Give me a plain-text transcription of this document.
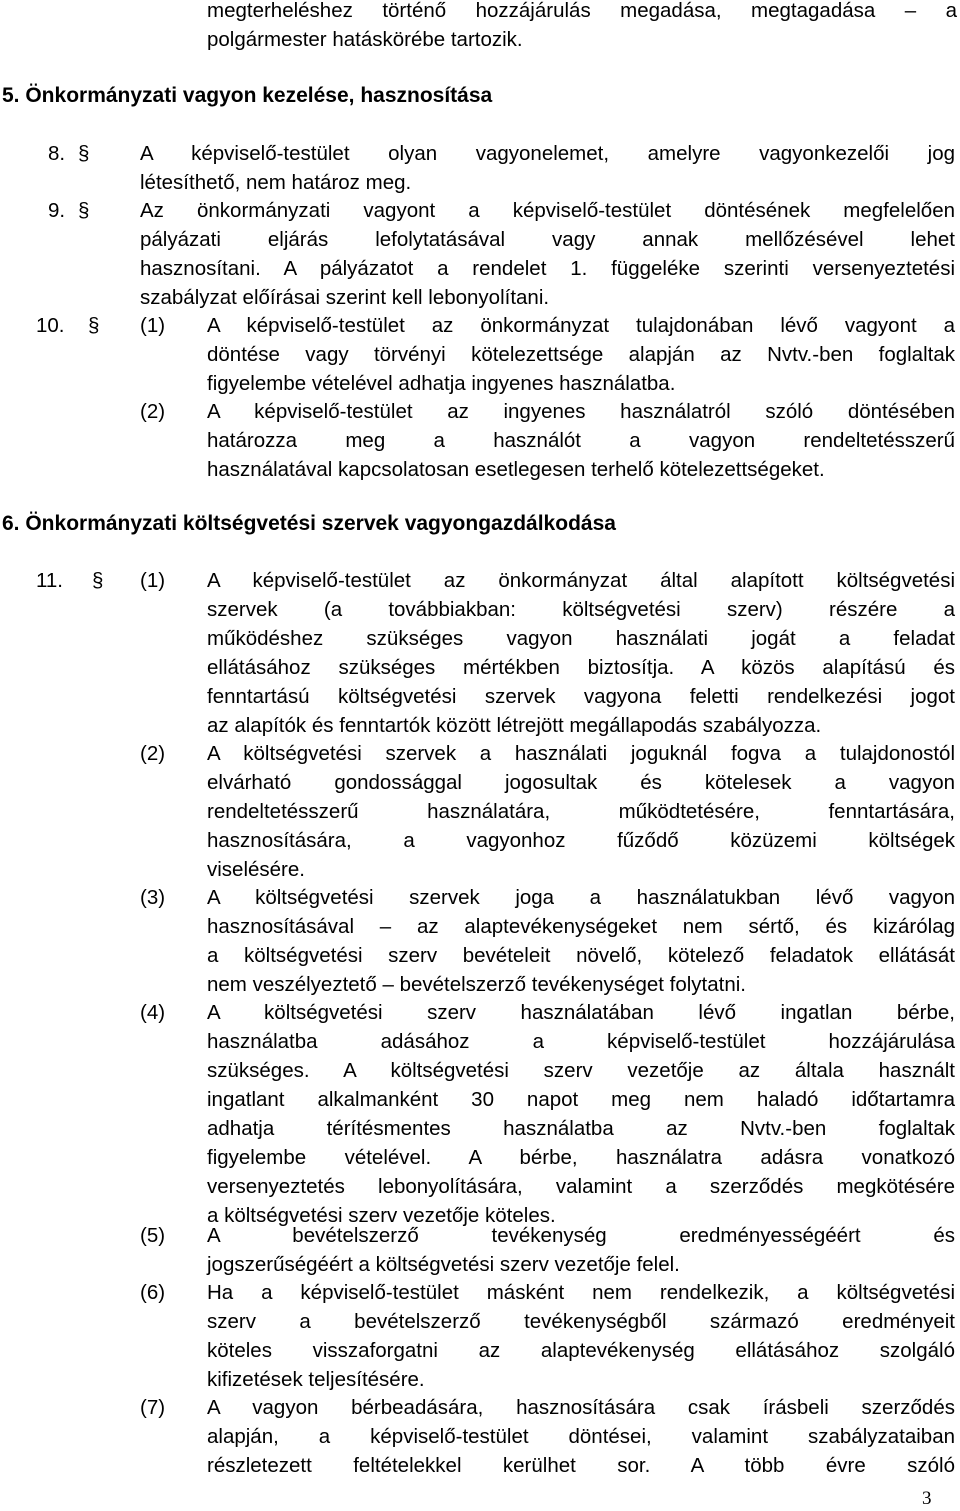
megterheléshez történő hozzájárulás megadása, megtagadása – a
polgármester hatáskörébe tartozik.
5. Önkormányzati vagyon kezelése, hasznosítása
8. § A képviselő-testület olyan vagyonelemet, amelyre vagyonkezelői jog
létesíthető, nem határoz meg.
9. § Az önkormányzati vagyont a képviselő-testület döntésének megfelelően
pályázati eljárás lefolytatásával vagy annak mellőzésével lehet
hasznosítani. A pályázatot a rendelet 1. függeléke szerinti versenyeztetési
szabályzat előírásai szerint kell lebonyolítani.
10. § (1) A képviselő-testület az önkormányzat tulajdonában lévő vagyont a
döntése vagy törvényi kötelezettsége alapján az Nvtv.-ben foglaltak
figyelembe vételével adhatja ingyenes használatba.
(2) A képviselő-testület az ingyenes használatról szóló döntésében
határozza meg a használót a vagyon rendeltetésszerű
használatával kapcsolatosan esetlegesen terhelő kötelezettségeket.
6. Önkormányzati költségvetési szervek vagyongazdálkodása
11. § (1) A képviselő-testület az önkormányzat által alapított költségvetési
szervek (a továbbiakban: költségvetési szerv) részére a
működéshez szükséges vagyon használati jogát a feladat
ellátásához szükséges mértékben biztosítja. A közös alapítású és
fenntartású költségvetési szervek vagyona feletti rendelkezési jogot
az alapítók és fenntartók között létrejött megállapodás szabályozza.
(2) A költségvetési szervek a használati joguknál fogva a tulajdonostól
elvárható gondossággal jogosultak és kötelesek a vagyon
rendeltetésszerű használatára, működtetésére, fenntartására,
hasznosítására, a vagyonhoz fűződő közüzemi költségek
viselésére.
(3) A költségvetési szervek joga a használatukban lévő vagyon
hasznosításával – az alaptevékenységeket nem sértő, és kizárólag
a költségvetési szerv bevételeit növelő, kötelező feladatok ellátását
nem veszélyeztető – bevételszerző tevékenységet folytatni.
(4) A költségvetési szerv használatában lévő ingatlan bérbe,
használatba adásához a képviselő-testület hozzájárulása
szükséges. A költségvetési szerv vezetője az általa használt
ingatlant alkalmanként 30 napot meg nem haladó időtartamra
adhatja térítésmentes használatba az Nvtv.-ben foglaltak
figyelembe vételével. A bérbe, használatra adásra vonatkozó
versenyeztetés lebonyolítására, valamint a szerződés megkötésére
a költségvetési szerv vezetője köteles.
(5) A bevételszerző tevékenység eredményességéért és
jogszerűségéért a költségvetési szerv vezetője felel.
(6) Ha a képviselő-testület másként nem rendelkezik, a költségvetési
szerv a bevételszerző tevékenységből származó eredményeit
köteles visszaforgatni az alaptevékenység ellátásához szolgáló
kifizetések teljesítésére.
(7) A vagyon bérbeadására, hasznosítására csak írásbeli szerződés
alapján, a képviselő-testület döntései, valamint szabályzataiban
részletezett feltételekkel kerülhet sor. A több évre szóló
3
